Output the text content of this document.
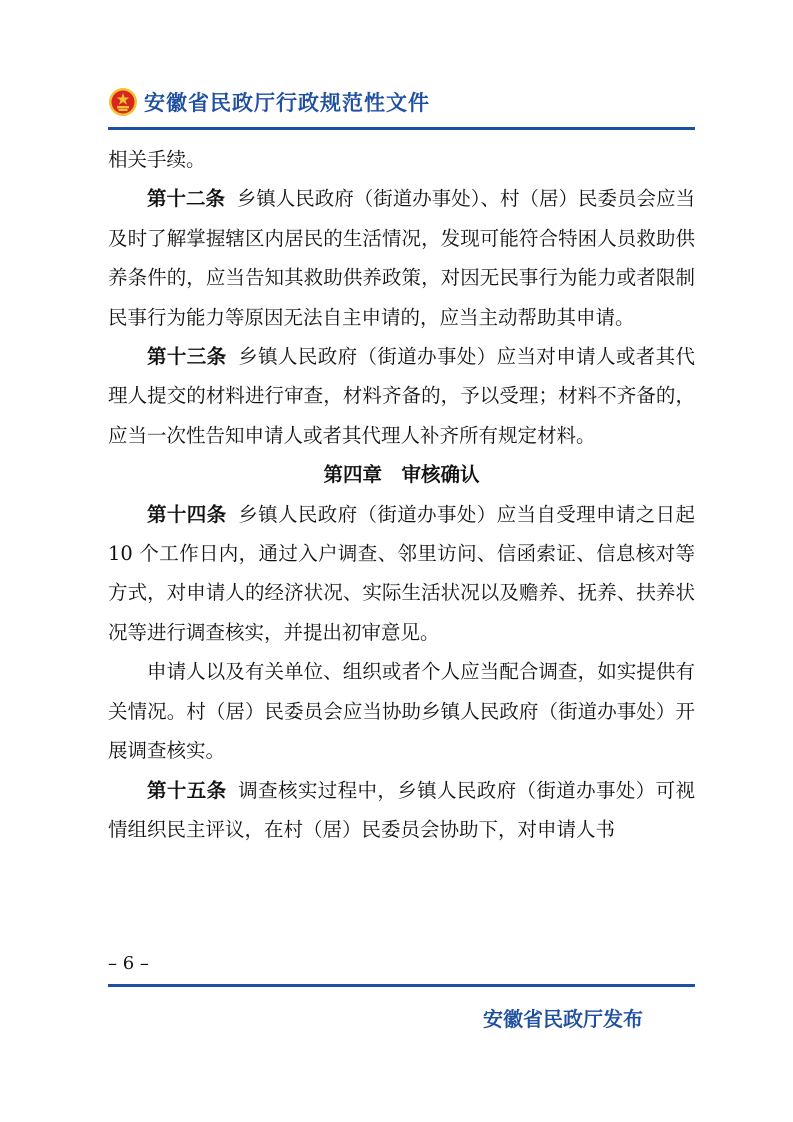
安徽省民政厅行政规范性文件

相关手续。

第十二条 乡镇人民政府（街道办事处）、村（居）民委员会应当及时了解掌握辖区内居民的生活情况，发现可能符合特困人员救助供养条件的，应当告知其救助供养政策，对因无民事行为能力或者限制民事行为能力等原因无法自主申请的，应当主动帮助其申请。

第十三条 乡镇人民政府（街道办事处）应当对申请人或者其代理人提交的材料进行审查，材料齐备的，予以受理；材料不齐备的，应当一次性告知申请人或者其代理人补齐所有规定材料。

第四章　审核确认

第十四条 乡镇人民政府（街道办事处）应当自受理申请之日起 10 个工作日内，通过入户调查、邻里访问、信函索证、信息核对等方式，对申请人的经济状况、实际生活状况以及赡养、抚养、扶养状况等进行调查核实，并提出初审意见。

申请人以及有关单位、组织或者个人应当配合调查，如实提供有关情况。村（居）民委员会应当协助乡镇人民政府（街道办事处）开展调查核实。

第十五条 调查核实过程中，乡镇人民政府（街道办事处）可视情组织民主评议，在村（居）民委员会协助下，对申请人书

– 6 –
安徽省民政厅发布
